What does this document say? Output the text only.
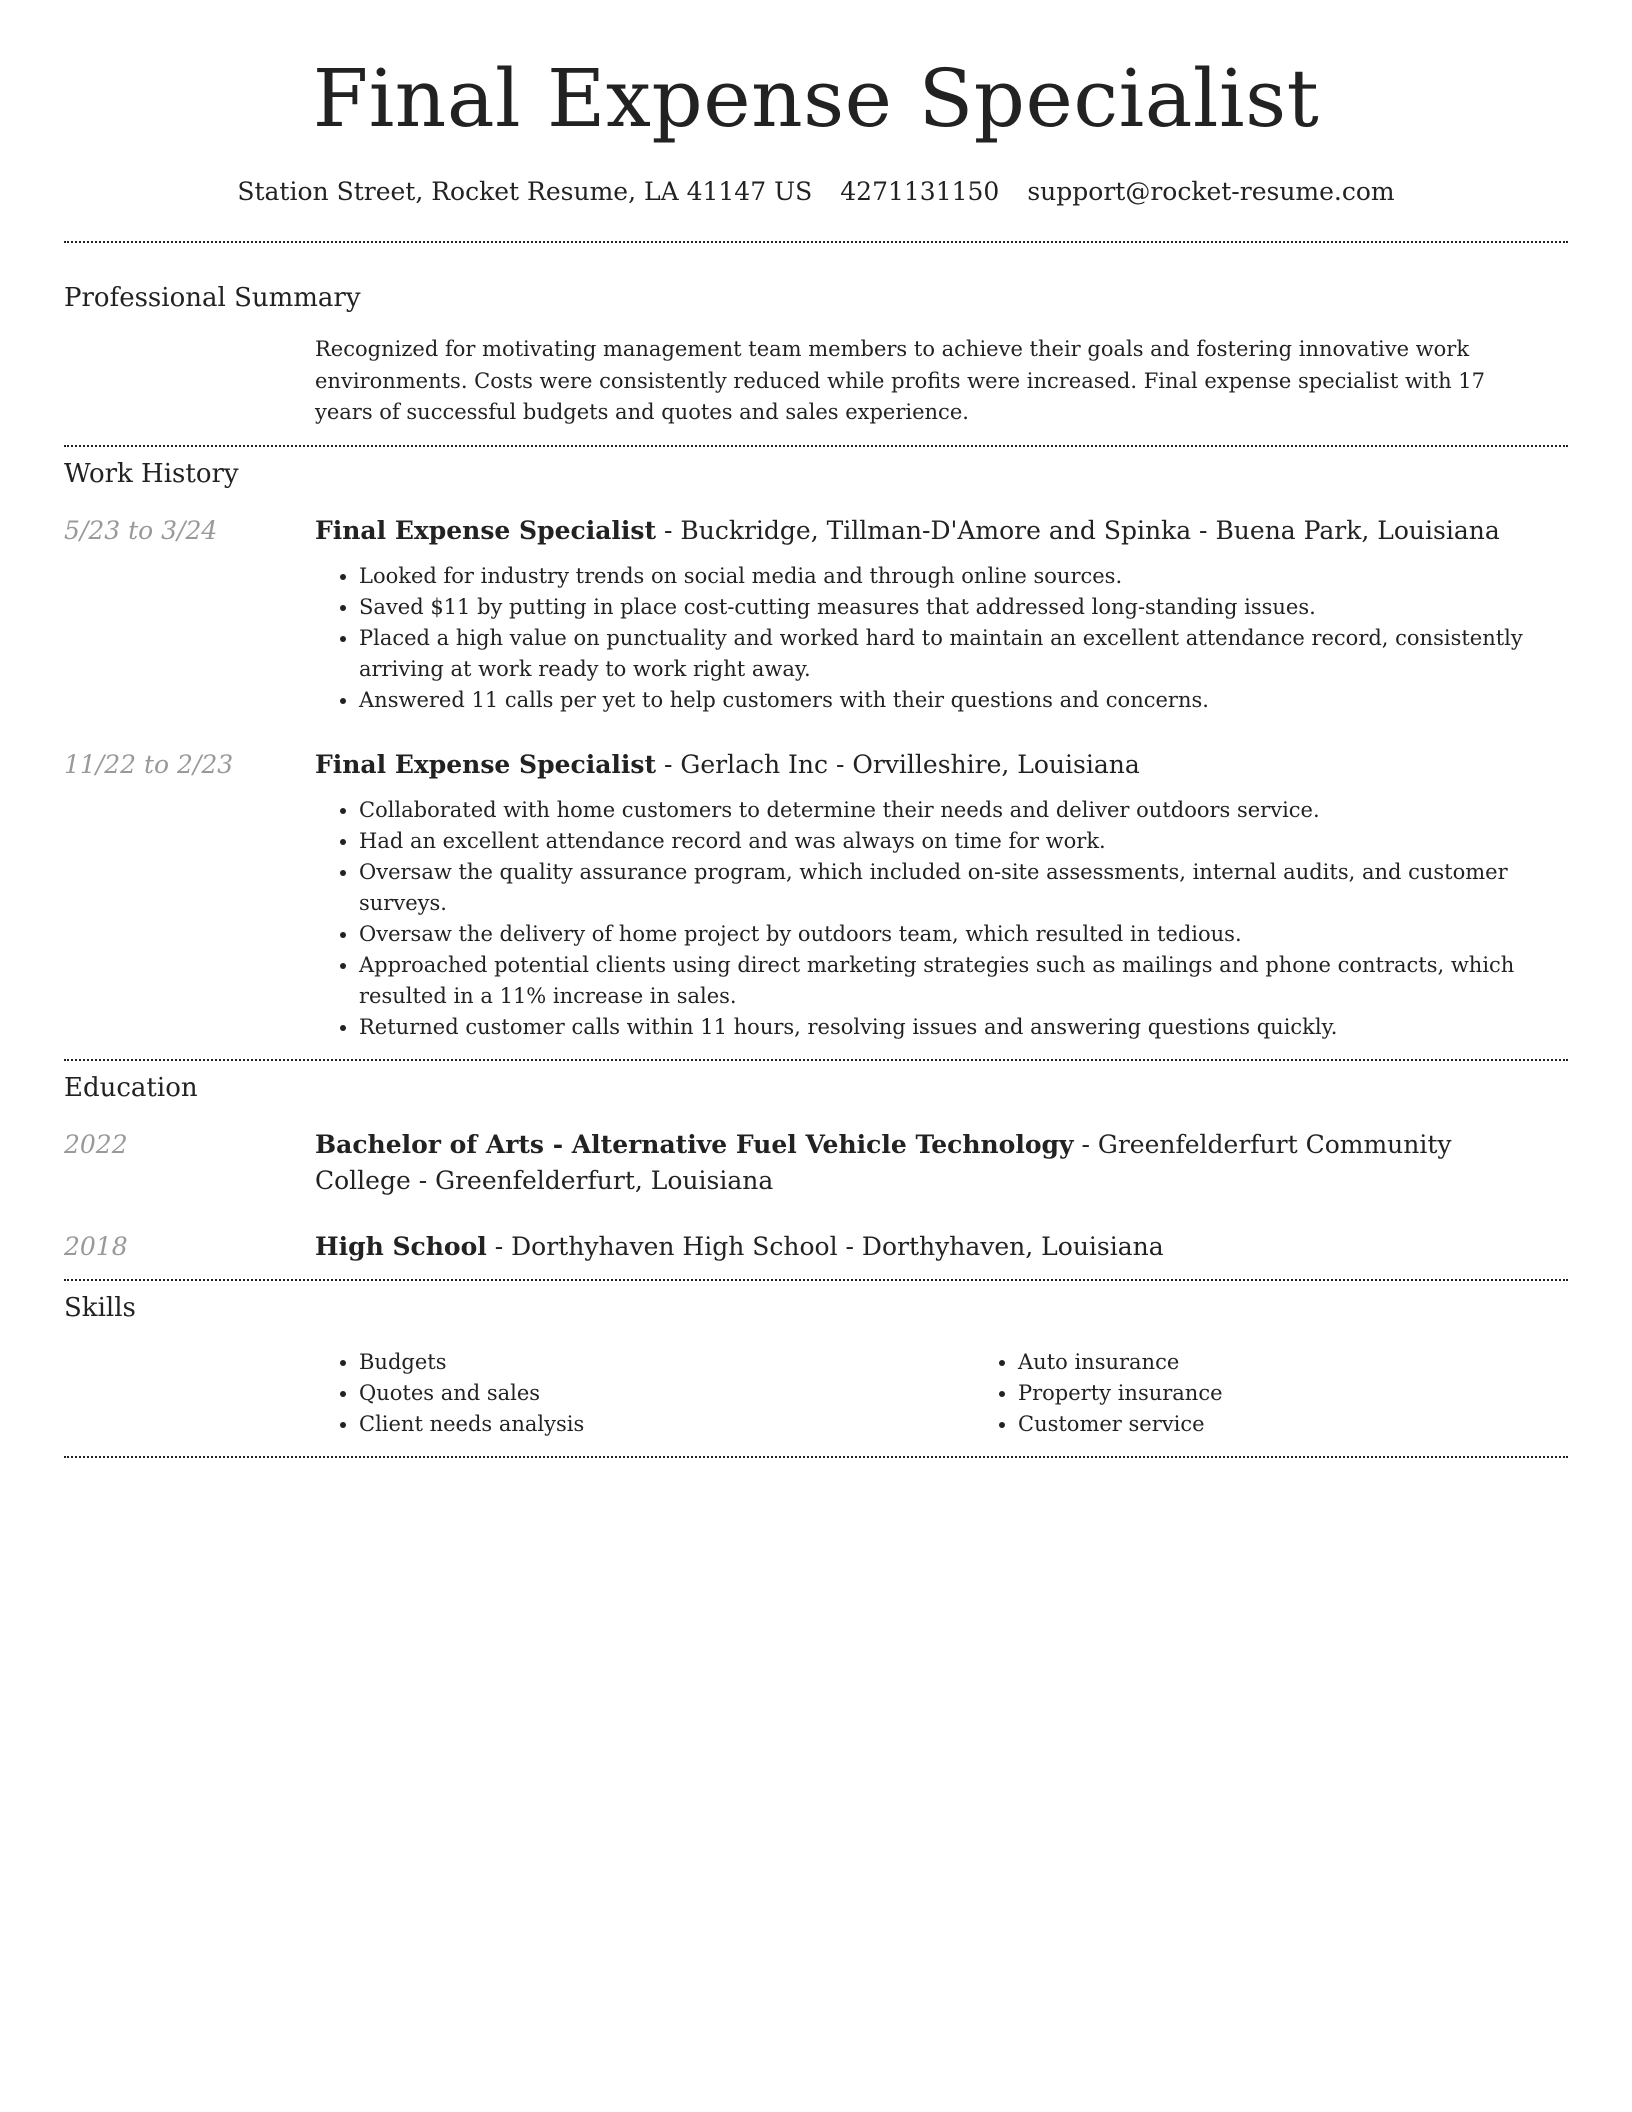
Final Expense Specialist
Station Street, Rocket Resume, LA 41147 US 4271131150 support@rocket-resume.com
Professional Summary

Recognized for motivating management team members to achieve their goals and fostering innovative work environments. Costs were consistently reduced while profits were increased. Final expense specialist with 17 years of successful budgets and quotes and sales experience.

Work History
5/23 to 3/24	Final Expense Specialist - Buckridge, Tillman-D'Amore and Spinka - Buena Park, Louisiana
• Looked for industry trends on social media and through online sources.
• Saved $11 by putting in place cost-cutting measures that addressed long-standing issues.
• Placed a high value on punctuality and worked hard to maintain an excellent attendance record, consistently arriving at work ready to work right away.
• Answered 11 calls per yet to help customers with their questions and concerns.
11/22 to 2/23	Final Expense Specialist - Gerlach Inc - Orvilleshire, Louisiana
• Collaborated with home customers to determine their needs and deliver outdoors service.
• Had an excellent attendance record and was always on time for work.
• Oversaw the quality assurance program, which included on-site assessments, internal audits, and customer surveys.
• Oversaw the delivery of home project by outdoors team, which resulted in tedious.
• Approached potential clients using direct marketing strategies such as mailings and phone contracts, which resulted in a 11% increase in sales.
• Returned customer calls within 11 hours, resolving issues and answering questions quickly.
Education
2022	Bachelor of Arts - Alternative Fuel Vehicle Technology - Greenfelderfurt Community College - Greenfelderfurt, Louisiana
2018	High School - Dorthyhaven High School - Dorthyhaven, Louisiana
Skills
• Budgets
• Quotes and sales
• Client needs analysis
• Auto insurance
• Property insurance
• Customer service
